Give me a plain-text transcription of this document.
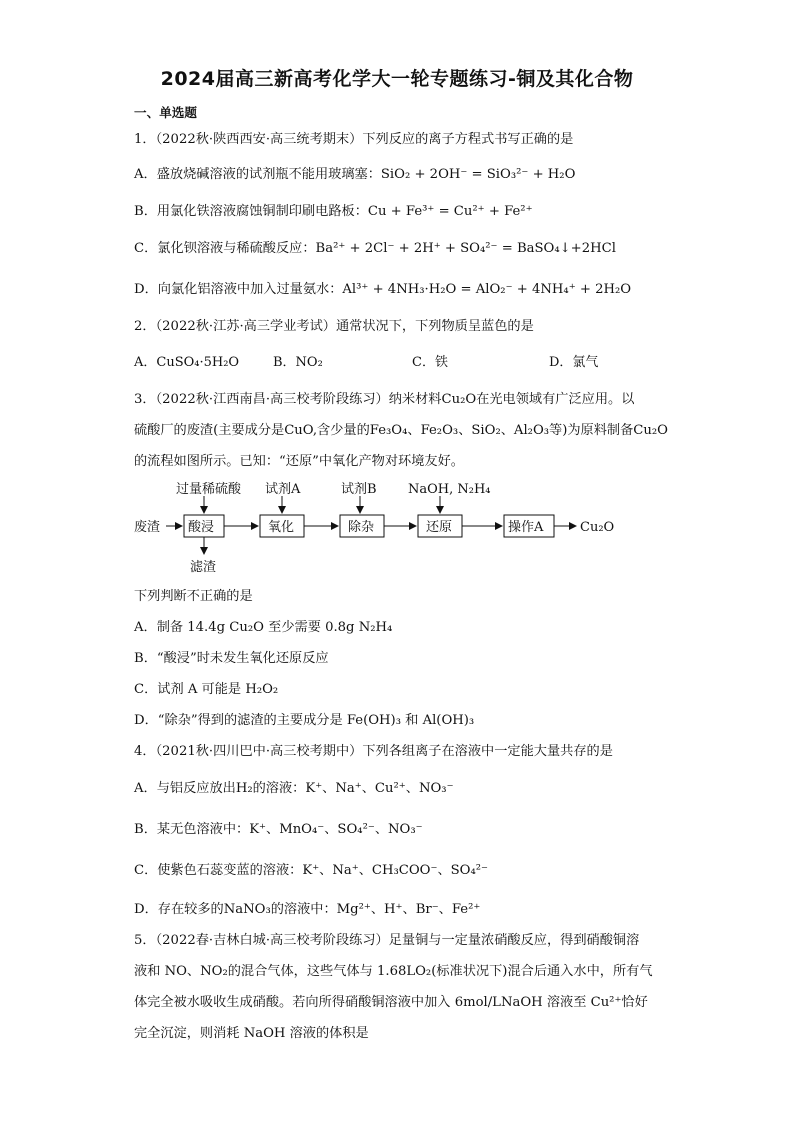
2024届高三新高考化学大一轮专题练习-铜及其化合物
一、单选题
1．（2022秋·陕西西安·高三统考期末）下列反应的离子方程式书写正确的是
A．盛放烧碱溶液的试剂瓶不能用玻璃塞：SiO₂ + 2OH⁻ = SiO₃²⁻ + H₂O
B．用氯化铁溶液腐蚀铜制印刷电路板：Cu + Fe³⁺ = Cu²⁺ + Fe²⁺
C．氯化钡溶液与稀硫酸反应：Ba²⁺ + 2Cl⁻ + 2H⁺ + SO₄²⁻ = BaSO₄↓+2HCl
D．向氯化铝溶液中加入过量氨水：Al³⁺ + 4NH₃·H₂O = AlO₂⁻ + 4NH₄⁺ + 2H₂O
2．（2022秋·江苏·高三学业考试）通常状况下，下列物质呈蓝色的是
A．CuSO₄·5H₂O	B．NO₂	C．铁	D．氯气
3．（2022秋·江西南昌·高三校考阶段练习）纳米材料Cu₂O在光电领域有广泛应用。以
硫酸厂的废渣(主要成分是CuO,含少量的Fe₃O₄、Fe₂O₃、SiO₂、Al₂O₃等)为原料制备Cu₂O
的流程如图所示。已知：“还原”中氧化产物对环境友好。
废渣 酸浸
过量稀硫酸
滤渣
氧化
试剂A
除杂
试剂B
还原
NaOH, N₂H₄
操作A	Cu₂O
下列判断不正确的是
A．制备 14.4g Cu₂O 至少需要 0.8g N₂H₄
B．“酸浸”时未发生氧化还原反应
C．试剂 A 可能是 H₂O₂
D．“除杂”得到的滤渣的主要成分是 Fe(OH)₃ 和 Al(OH)₃
4．（2021秋·四川巴中·高三校考期中）下列各组离子在溶液中一定能大量共存的是
A．与铝反应放出H₂的溶液：K⁺、Na⁺、Cu²⁺、NO₃⁻
B．某无色溶液中：K⁺、MnO₄⁻、SO₄²⁻、NO₃⁻
C．使紫色石蕊变蓝的溶液：K⁺、Na⁺、CH₃COO⁻、SO₄²⁻
D．存在较多的NaNO₃的溶液中：Mg²⁺、H⁺、Br⁻、Fe²⁺
5．（2022春·吉林白城·高三校考阶段练习）足量铜与一定量浓硝酸反应，得到硝酸铜溶
液和 NO、NO₂的混合气体，这些气体与 1.68LO₂(标准状况下)混合后通入水中，所有气
体完全被水吸收生成硝酸。若向所得硝酸铜溶液中加入 6mol/LNaOH 溶液至 Cu²⁺恰好
完全沉淀，则消耗 NaOH 溶液的体积是
